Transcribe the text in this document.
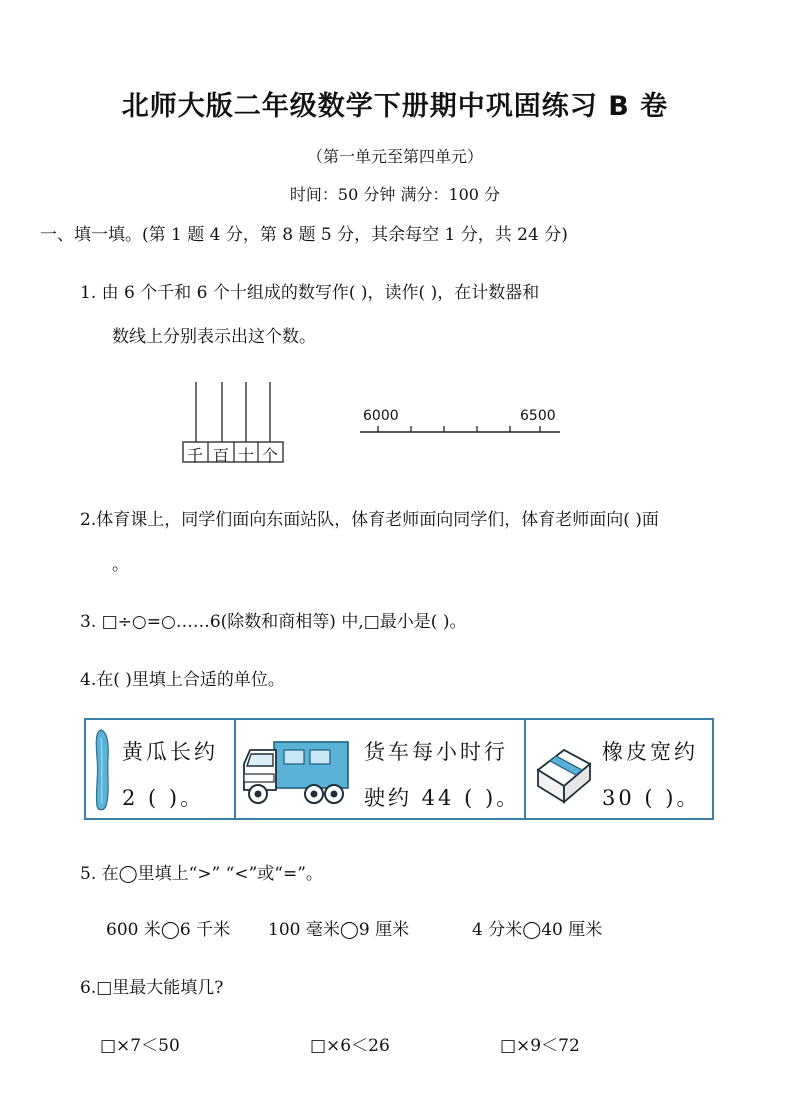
北师大版二年级数学下册期中巩固练习 B 卷
（第一单元至第四单元）
时间：50 分钟 满分：100 分
一、填一填。(第 1 题 4 分，第 8 题 5 分，其余每空 1 分，共 24 分)
1. 由 6 个千和 6 个十组成的数写作( )，读作( )，在计数器和
数线上分别表示出这个数。
千 百 十 个
6000	6500
2.体育课上，同学们面向东面站队，体育老师面向同学们，体育老师面向( )面
。
3. □÷○=○……6(除数和商相等) 中,□最小是( )。
4.在( )里填上合适的单位。
黄瓜长约
2 ( )。
货车每小时行
驶约 44 ( )。
橡皮宽约
30 ( )。
5. 在◯里填上“>” “<”或“=”。
600 米◯6 千米 100 毫米◯9 厘米	4 分米◯40 厘米
6.□里最大能填几?
□×7＜50	□×6＜26	□×9＜72
